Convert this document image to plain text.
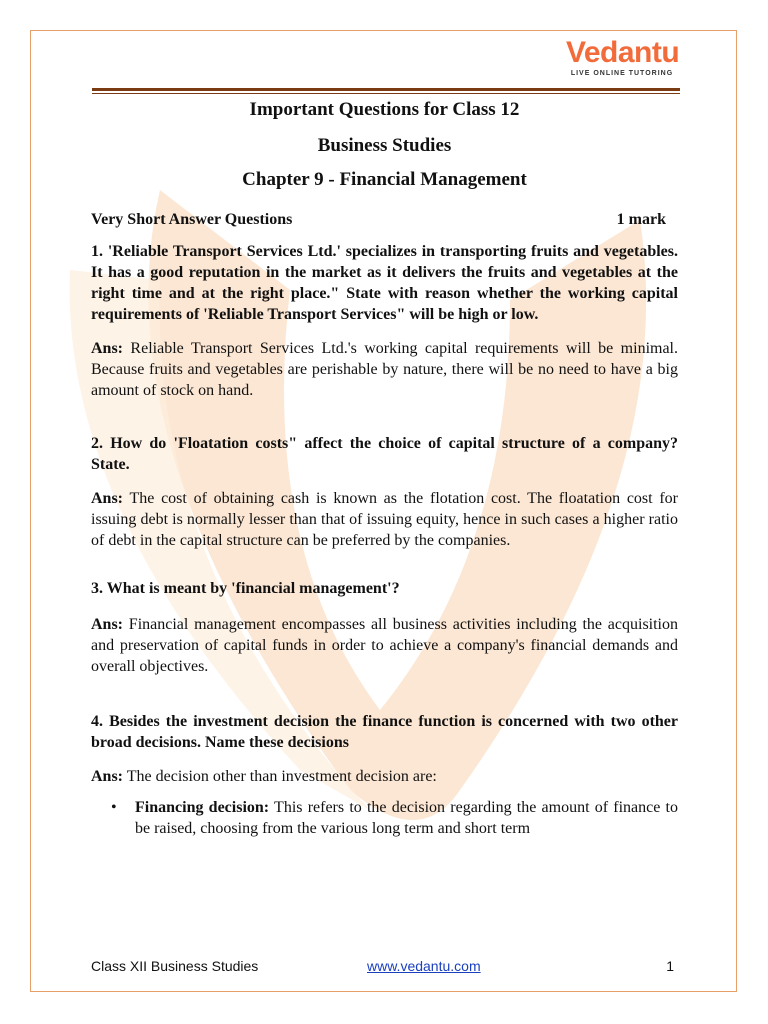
Vedantu
LIVE ONLINE TUTORING

Important Questions for Class 12

Business Studies

Chapter 9 - Financial Management

Very Short Answer Questions	1 mark

1. 'Reliable Transport Services Ltd.' specializes in transporting fruits and vegetables. It has a good reputation in the market as it delivers the fruits and vegetables at the right time and at the right place." State with reason whether the working capital requirements of 'Reliable Transport Services" will be high or low.

Ans: Reliable Transport Services Ltd.'s working capital requirements will be minimal. Because fruits and vegetables are perishable by nature, there will be no need to have a big amount of stock on hand.

2. How do 'Floatation costs" affect the choice of capital structure of a company? State.

Ans: The cost of obtaining cash is known as the flotation cost. The floatation cost for issuing debt is normally lesser than that of issuing equity, hence in such cases a higher ratio of debt in the capital structure can be preferred by the companies.

3. What is meant by 'financial management'?

Ans: Financial management encompasses all business activities including the acquisition and preservation of capital funds in order to achieve a company's financial demands and overall objectives.

4. Besides the investment decision the finance function is concerned with two other broad decisions. Name these decisions

Ans: The decision other than investment decision are:

• Financing decision: This refers to the decision regarding the amount of finance to be raised, choosing from the various long term and short term
Class XII Business Studies	www.vedantu.com	1
